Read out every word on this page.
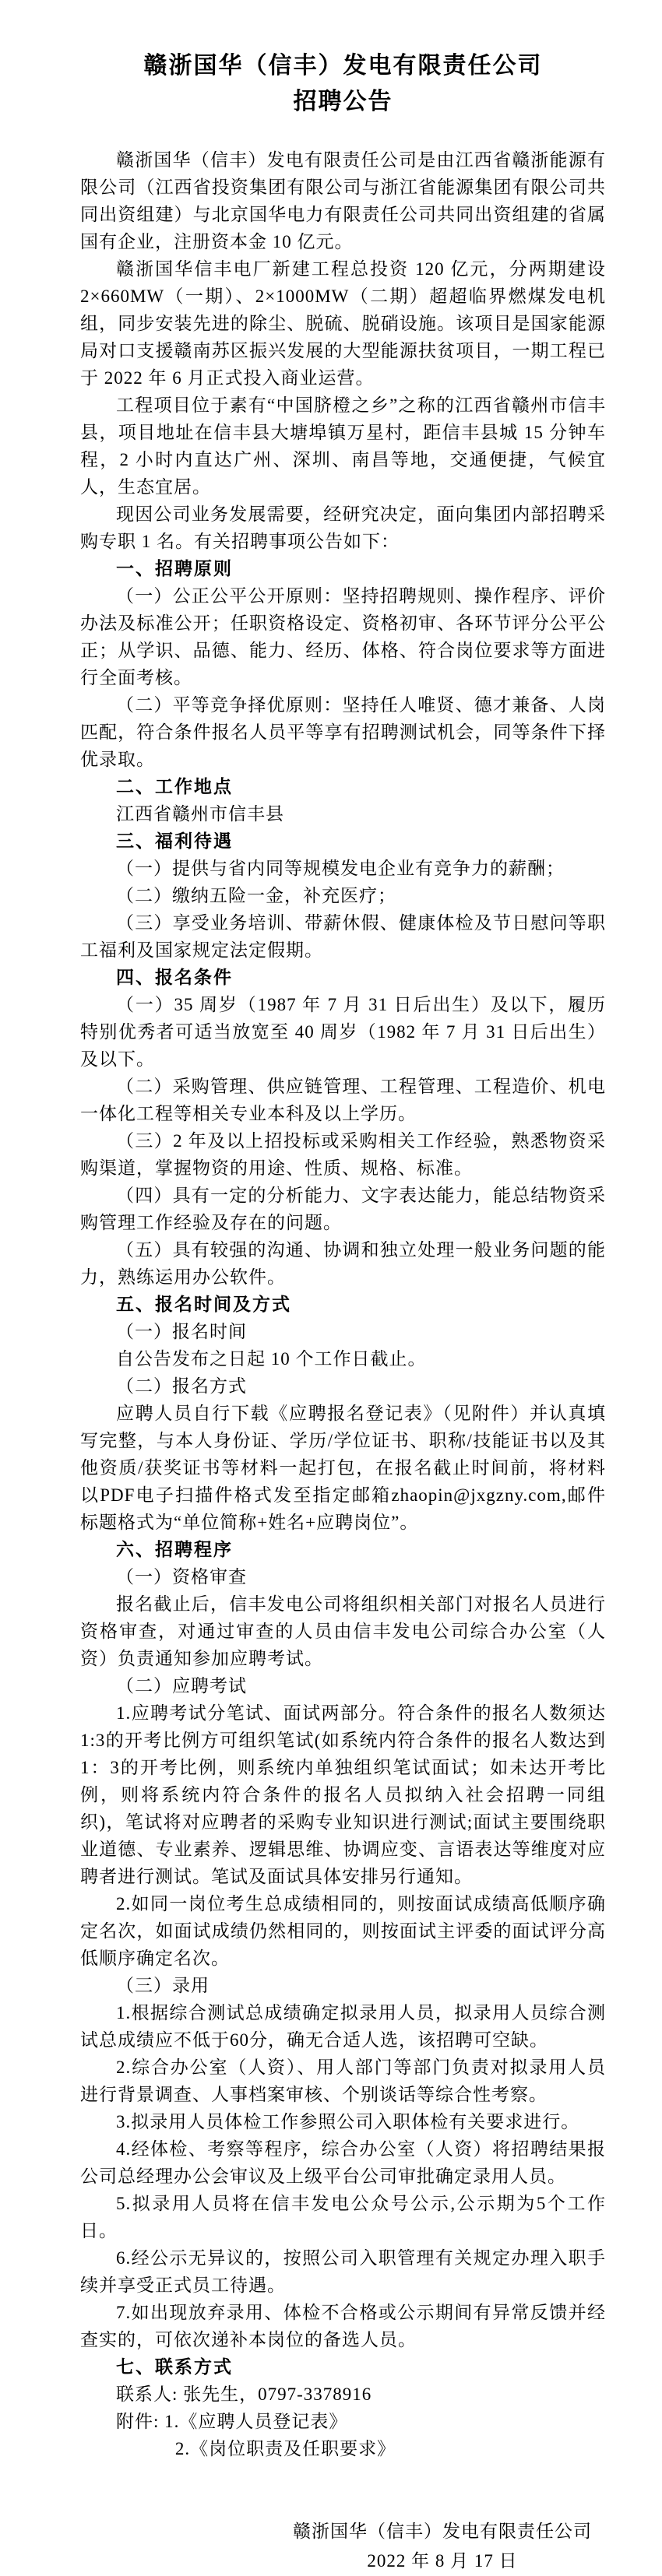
赣浙国华（信丰）发电有限责任公司
招聘公告

赣浙国华（信丰）发电有限责任公司是由江西省赣浙能源有限公司（江西省投资集团有限公司与浙江省能源集团有限公司共同出资组建）与北京国华电力有限责任公司共同出资组建的省属国有企业，注册资本金 10 亿元。

赣浙国华信丰电厂新建工程总投资 120 亿元，分两期建设 2×660MW（一期）、2×1000MW（二期）超超临界燃煤发电机组，同步安装先进的除尘、脱硫、脱硝设施。该项目是国家能源局对口支援赣南苏区振兴发展的大型能源扶贫项目，一期工程已于 2022 年 6 月正式投入商业运营。

工程项目位于素有“中国脐橙之乡”之称的江西省赣州市信丰县，项目地址在信丰县大塘埠镇万星村，距信丰县城 15 分钟车程，2 小时内直达广州、深圳、南昌等地，交通便捷，气候宜人，生态宜居。

现因公司业务发展需要，经研究决定，面向集团内部招聘采购专职 1 名。有关招聘事项公告如下：

一、招聘原则

（一）公正公平公开原则：坚持招聘规则、操作程序、评价办法及标准公开；任职资格设定、资格初审、各环节评分公平公正；从学识、品德、能力、经历、体格、符合岗位要求等方面进行全面考核。

（二）平等竞争择优原则：坚持任人唯贤、德才兼备、人岗匹配，符合条件报名人员平等享有招聘测试机会，同等条件下择优录取。

二、工作地点

江西省赣州市信丰县

三、福利待遇

（一）提供与省内同等规模发电企业有竞争力的薪酬；

（二）缴纳五险一金，补充医疗；

（三）享受业务培训、带薪休假、健康体检及节日慰问等职工福利及国家规定法定假期。

四、报名条件

（一）35 周岁（1987 年 7 月 31 日后出生）及以下，履历特别优秀者可适当放宽至 40 周岁（1982 年 7 月 31 日后出生）及以下。

（二）采购管理、供应链管理、工程管理、工程造价、机电一体化工程等相关专业本科及以上学历。

（三）2 年及以上招投标或采购相关工作经验，熟悉物资采购渠道，掌握物资的用途、性质、规格、标准。

（四）具有一定的分析能力、文字表达能力，能总结物资采购管理工作经验及存在的问题。

（五）具有较强的沟通、协调和独立处理一般业务问题的能力，熟练运用办公软件。

五、报名时间及方式

（一）报名时间

自公告发布之日起 10 个工作日截止。

（二）报名方式

应聘人员自行下载《应聘报名登记表》（见附件）并认真填写完整，与本人身份证、学历/学位证书、职称/技能证书以及其他资质/获奖证书等材料一起打包，在报名截止时间前，将材料以PDF电子扫描件格式发至指定邮箱zhaopin@jxgzny.com,邮件标题格式为“单位简称+姓名+应聘岗位”。

六、招聘程序

（一）资格审查

报名截止后，信丰发电公司将组织相关部门对报名人员进行资格审查，对通过审查的人员由信丰发电公司综合办公室（人资）负责通知参加应聘考试。

（二）应聘考试

1.应聘考试分笔试、面试两部分。符合条件的报名人数须达1:3的开考比例方可组织笔试(如系统内符合条件的报名人数达到1：3的开考比例，则系统内单独组织笔试面试；如未达开考比例，则将系统内符合条件的报名人员拟纳入社会招聘一同组织)，笔试将对应聘者的采购专业知识进行测试;面试主要围绕职业道德、专业素养、逻辑思维、协调应变、言语表达等维度对应聘者进行测试。笔试及面试具体安排另行通知。

2.如同一岗位考生总成绩相同的，则按面试成绩高低顺序确定名次，如面试成绩仍然相同的，则按面试主评委的面试评分高低顺序确定名次。

（三）录用

1.根据综合测试总成绩确定拟录用人员，拟录用人员综合测试总成绩应不低于60分，确无合适人选，该招聘可空缺。

2.综合办公室（人资）、用人部门等部门负责对拟录用人员进行背景调查、人事档案审核、个别谈话等综合性考察。

3.拟录用人员体检工作参照公司入职体检有关要求进行。

4.经体检、考察等程序，综合办公室（人资）将招聘结果报公司总经理办公会审议及上级平台公司审批确定录用人员。

5.拟录用人员将在信丰发电公众号公示,公示期为5个工作日。

6.经公示无异议的，按照公司入职管理有关规定办理入职手续并享受正式员工待遇。

7.如出现放弃录用、体检不合格或公示期间有异常反馈并经查实的，可依次递补本岗位的备选人员。

七、联系方式

联系人: 张先生，0797-3378916

附件: 1.《应聘人员登记表》

2.《岗位职责及任职要求》

赣浙国华（信丰）发电有限责任公司
2022 年 8 月 17 日
